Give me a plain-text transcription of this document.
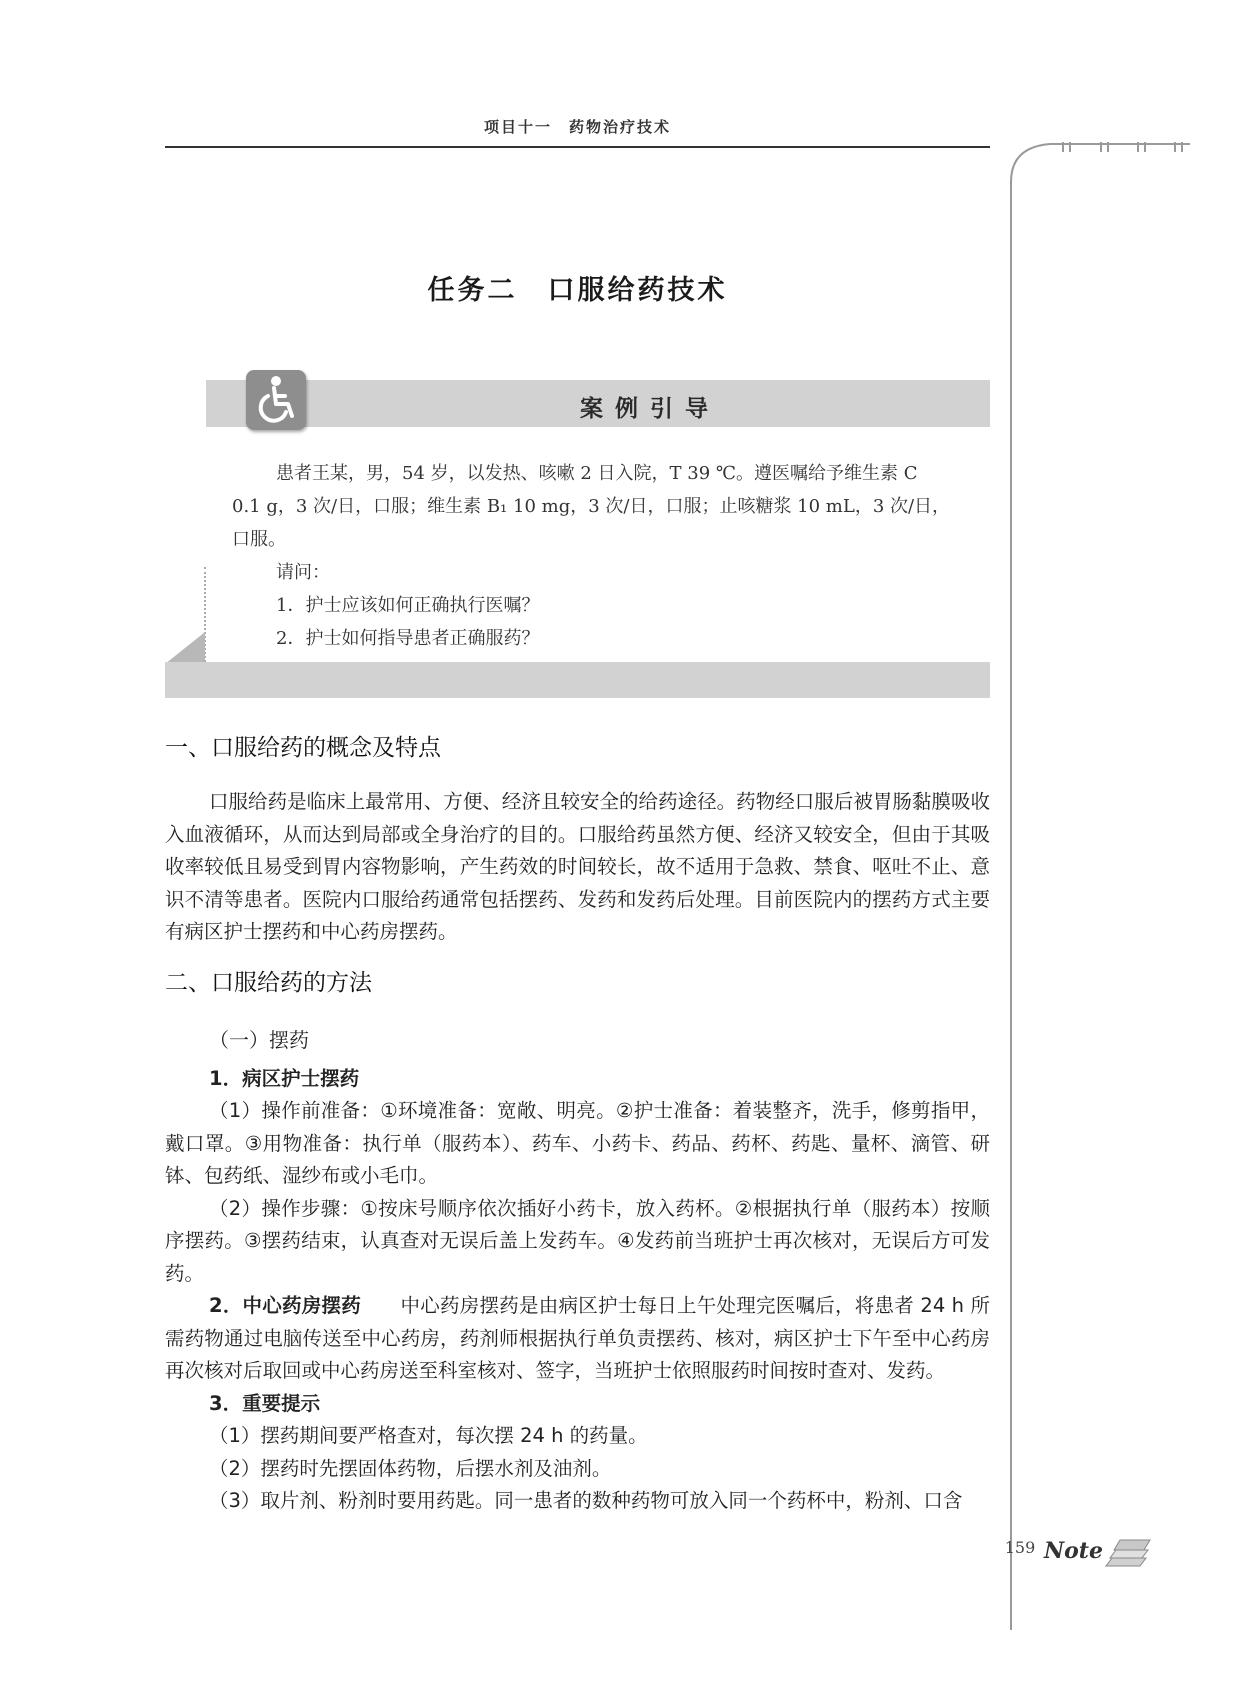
项目十一　药物治疗技术
任务二　口服给药技术
案例引导

患者王某，男，54 岁，以发热、咳嗽 2 日入院，T 39 ℃。遵医嘱给予维生素 C

0.1 g，3 次/日，口服；维生素 B₁ 10 mg，3 次/日，口服；止咳糖浆 10 mL，3 次/日，

口服。

请问：

1．护士应该如何正确执行医嘱？

2．护士如何指导患者正确服药？

一、口服给药的概念及特点

口服给药是临床上最常用、方便、经济且较安全的给药途径。药物经口服后被胃肠黏膜吸收入血液循环，从而达到局部或全身治疗的目的。口服给药虽然方便、经济又较安全，但由于其吸收率较低且易受到胃内容物影响，产生药效的时间较长，故不适用于急救、禁食、呕吐不止、意识不清等患者。医院内口服给药通常包括摆药、发药和发药后处理。目前医院内的摆药方式主要有病区护士摆药和中心药房摆药。

二、口服给药的方法

（一）摆药

1．病区护士摆药

（1）操作前准备：①环境准备：宽敞、明亮。②护士准备：着装整齐，洗手，修剪指甲，戴口罩。③用物准备：执行单（服药本）、药车、小药卡、药品、药杯、药匙、量杯、滴管、研钵、包药纸、湿纱布或小毛巾。

（2）操作步骤：①按床号顺序依次插好小药卡，放入药杯。②根据执行单（服药本）按顺序摆药。③摆药结束，认真查对无误后盖上发药车。④发药前当班护士再次核对，无误后方可发药。

2．中心药房摆药　　 中心药房摆药是由病区护士每日上午处理完医嘱后，将患者 24 h 所需药物通过电脑传送至中心药房，药剂师根据执行单负责摆药、核对，病区护士下午至中心药房再次核对后取回或中心药房送至科室核对、签字，当班护士依照服药时间按时查对、发药。

3．重要提示

（1）摆药期间要严格查对，每次摆 24 h 的药量。

（2）摆药时先摆固体药物，后摆水剂及油剂。

（3）取片剂、粉剂时要用药匙。同一患者的数种药物可放入同一个药杯中，粉剂、口含

Note
159
